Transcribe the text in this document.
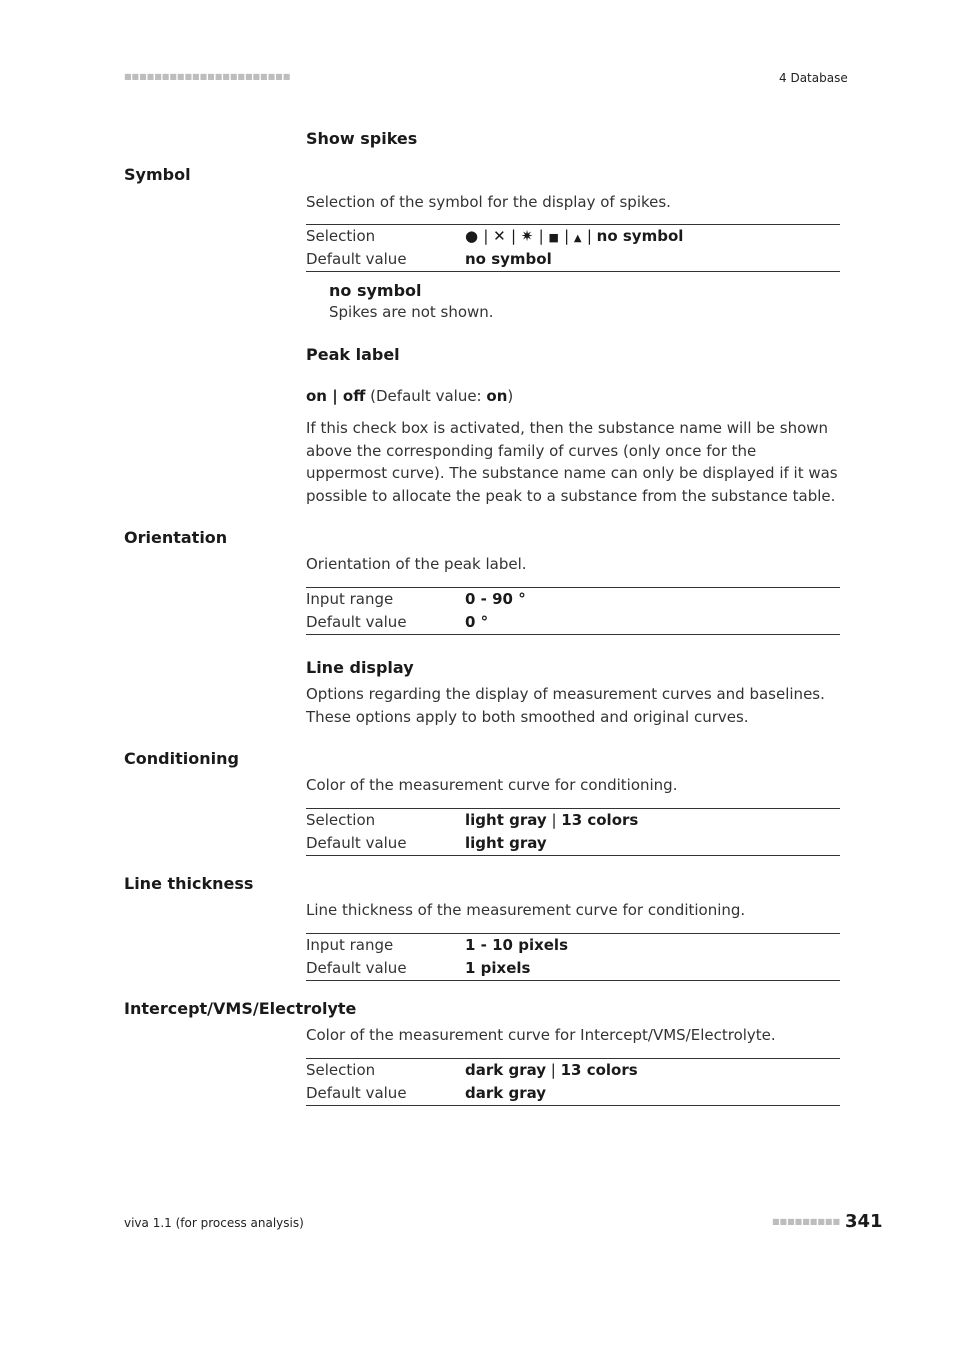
■■■■■■■■■■■■■■■■■■■■■■	4 Database
Show spikes
Symbol
Selection of the symbol for the display of spikes.
Selection	● | ✕ | ✷ | ■ | ▲ | no symbol
Default value	no symbol
no symbol
Spikes are not shown.
Peak label
on | off (Default value: on)
If this check box is activated, then the substance name will be shown above the corresponding family of curves (only once for the uppermost curve). The substance name can only be displayed if it was possible to allocate the peak to a substance from the substance table.
Orientation
Orientation of the peak label.
Input range	0 - 90 °
Default value	0 °
Line display
Options regarding the display of measurement curves and baselines. These options apply to both smoothed and original curves.
Conditioning
Color of the measurement curve for conditioning.
Selection	light gray | 13 colors
Default value	light gray
Line thickness
Line thickness of the measurement curve for conditioning.
Input range	1 - 10 pixels
Default value	1 pixels
Intercept/VMS/Electrolyte
Color of the measurement curve for Intercept/VMS/Electrolyte.
Selection	dark gray | 13 colors
Default value	dark gray
viva 1.1 (for process analysis)	■■■■■■■■■ 341
